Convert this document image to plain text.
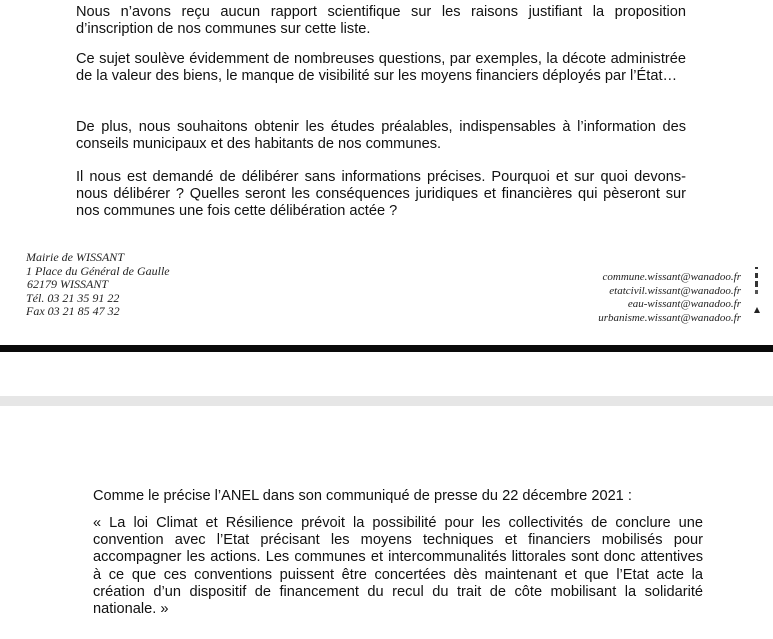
Nous n’avons reçu aucun rapport scientifique sur les raisons justifiant la proposition d’inscription de nos communes sur cette liste.

Ce sujet soulève évidemment de nombreuses questions, par exemples, la décote administrée de la valeur des biens, le manque de visibilité sur les moyens financiers déployés par l’État…

De plus, nous souhaitons obtenir les études préalables, indispensables à l’information des conseils municipaux et des habitants de nos communes.

Il nous est demandé de délibérer sans informations précises. Pourquoi et sur quoi devons-nous délibérer ? Quelles seront les conséquences juridiques et financières qui pèseront sur nos communes une fois cette délibération actée ?

Mairie de WISSANT
1 Place du Général de Gaulle
62179 WISSANT
Tél. 03 21 35 91 22
Fax 03 21 85 47 32
commune.wissant@wanadoo.fr
etatcivil.wissant@wanadoo.fr
eau-wissant@wanadoo.fr
urbanisme.wissant@wanadoo.fr
Comme le précise l’ANEL dans son communiqué de presse du 22 décembre 2021 :

« La loi Climat et Résilience prévoit la possibilité pour les collectivités de conclure une convention avec l’Etat précisant les moyens techniques et financiers mobilisés pour accompagner les actions. Les communes et intercommunalités littorales sont donc attentives à ce que ces conventions puissent être concertées dès maintenant et que l’Etat acte la création d’un dispositif de financement du recul du trait de côte mobilisant la solidarité nationale. »
